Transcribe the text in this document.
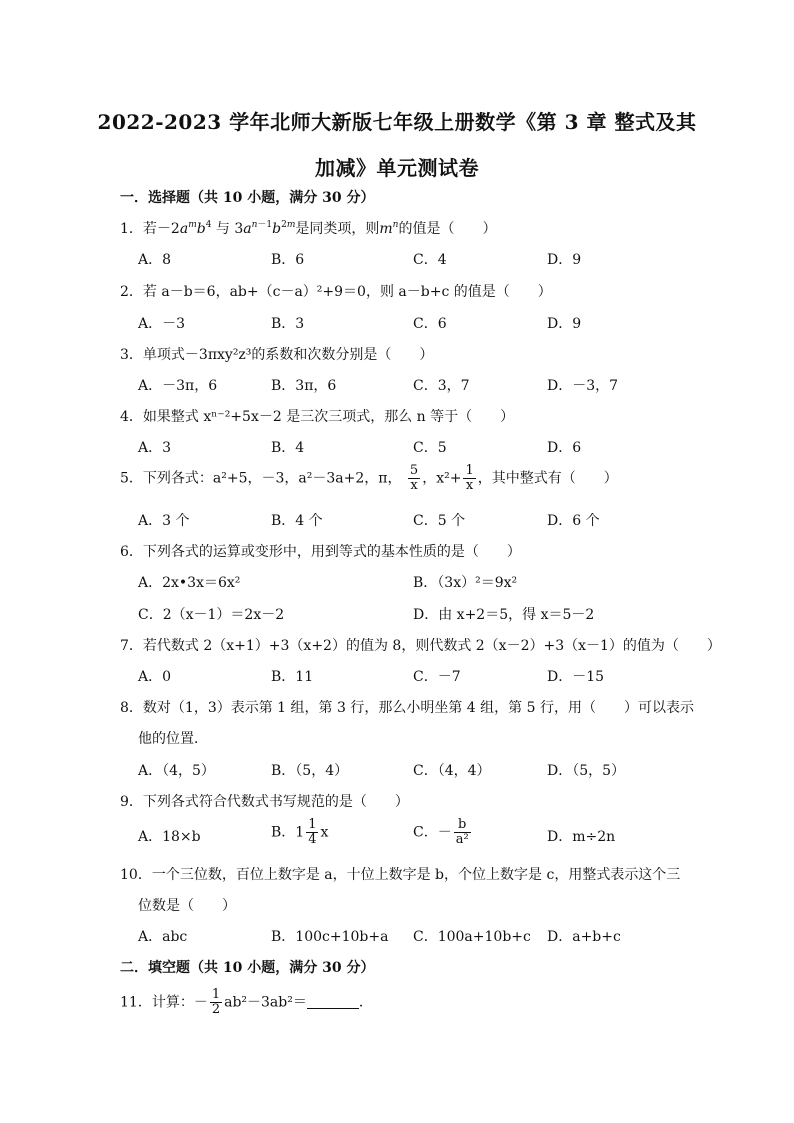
2022-2023 学年北师大新版七年级上册数学《第 3 章 整式及其
加减》单元测试卷
一．选择题（共 10 小题，满分 30 分）
1．若$-2a^mb^4$ 与 $3a^{n-1}b^{2m}$是同类项，则$m^n$的值是（　　）
A．8	B．6	C．4	D．9
2．若 a－b＝6，ab+（c－a）²+9＝0，则 a－b+c 的值是（　　）
A．－3	B．3	C．6	D．9
3．单项式－3πxy²z³的系数和次数分别是（　　）
A．－3π，6	B．3π，6	C．3，7	D．－3，7
4．如果整式 xⁿ⁻²+5x－2 是三次三项式，那么 n 等于（　　）
A．3	B．4	C．5	D．6
5．下列各式：a²+5，－3，a²－3a+2，π， $\frac{5}{x}$ ，$x^2+ \frac{1}{x}$ ，其中整式有（　　）
A．3 个	B．4 个	C．5 个	D．6 个
6．下列各式的运算或变形中，用到等式的基本性质的是（　　）
A．2x•3x＝6x²	B．（3x）²＝9x²
C．2（x－1）＝2x－2	D．由 x+2＝5，得 x＝5－2
7．若代数式 2（x+1）+3（x+2）的值为 8，则代数式 2（x－2）+3（x－1）的值为（　　）
A．0	B．11	C．－7	D．－15
8．数对（1，3）表示第 1 组，第 3 行，那么小明坐第 4 组，第 5 行，用（　　）可以表示
他的位置．
A．（4，5）	B．（5，4）	C．（4，4）	D．（5，5）
9．下列各式符合代数式书写规范的是（　　）
A．18×b	B．$1 \frac{1}{4}$ x	C．－ $\frac{b}{\text{a²}}$	D．m÷2n
10．一个三位数，百位上数字是 a，十位上数字是 b，个位上数字是 c，用整式表示这个三
位数是（　　）
A．abc	B．100c+10b+a C．100a+10b+c D．a+b+c
二．填空题（共 10 小题，满分 30 分）
11．计算：－ $\frac{1}{2} ab^2-3ab^2=$	．
